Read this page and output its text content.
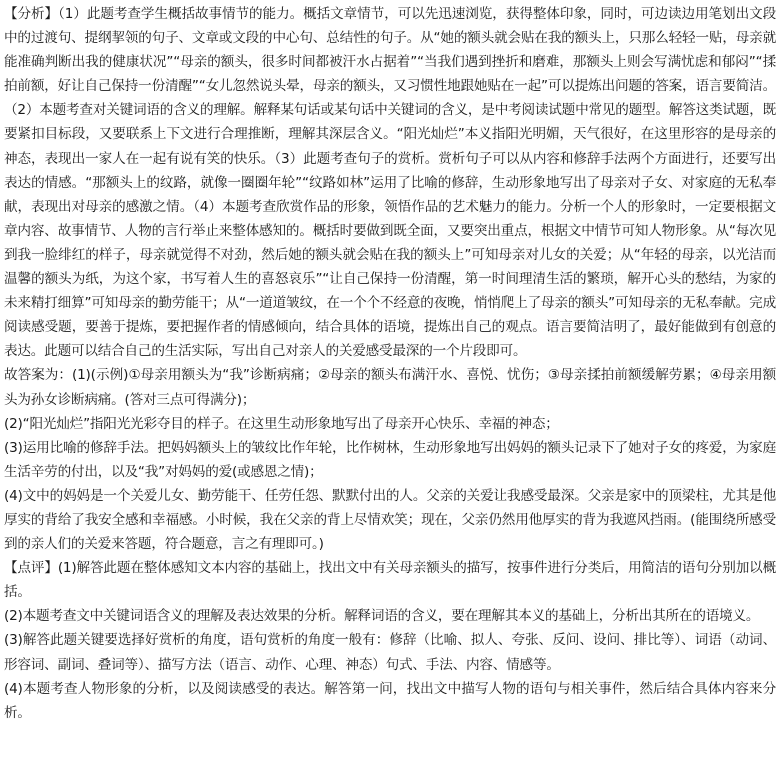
【分析】（1）此题考查学生概括故事情节的能力。概括文章情节，可以先迅速浏览，获得整体印象，同时，可边读边用笔划出文段中的过渡句、提纲挈领的句子、文章或文段的中心句、总结性的句子。从“她的额头就会贴在我的额头上，只那么轻轻一贴，母亲就能准确判断出我的健康状况”“母亲的额头，很多时间都被汗水占据着”“当我们遇到挫折和磨难，那额头上则会写满忧虑和郁闷”“揉拍前额，好让自己保持一份清醒”“女儿忽然说头晕，母亲的额头，又习惯性地跟她贴在一起”可以提炼出问题的答案，语言要简洁。（2）本题考查对关键词语的含义的理解。解释某句话或某句话中关键词的含义，是中考阅读试题中常见的题型。解答这类试题，既要紧扣目标段，又要联系上下文进行合理推断，理解其深层含义。“阳光灿烂”本义指阳光明媚，天气很好，在这里形容的是母亲的神态，表现出一家人在一起有说有笑的快乐。（3）此题考查句子的赏析。赏析句子可以从内容和修辞手法两个方面进行，还要写出表达的情感。“那额头上的纹路，就像一圈圈年轮”“纹路如林”运用了比喻的修辞，生动形象地写出了母亲对子女、对家庭的无私奉献，表现出对母亲的感激之情。（4）本题考查欣赏作品的形象，领悟作品的艺术魅力的能力。分析一个人的形象时，一定要根据文章内容、故事情节、人物的言行举止来整体感知的。概括时要做到既全面，又要突出重点，根据文中情节可知人物形象。从“每次见到我一脸绯红的样子，母亲就觉得不对劲，然后她的额头就会贴在我的额头上”可知母亲对儿女的关爱；从“年轻的母亲，以光洁而温馨的额头为纸，为这个家，书写着人生的喜怒哀乐”“让自己保持一份清醒，第一时间理清生活的繁琐，解开心头的愁结，为家的未来精打细算”可知母亲的勤劳能干；从“一道道皱纹，在一个个不经意的夜晚，悄悄爬上了母亲的额头”可知母亲的无私奉献。完成阅读感受题，要善于提炼，要把握作者的情感倾向，结合具体的语境，提炼出自己的观点。语言要简洁明了，最好能做到有创意的表达。此题可以结合自己的生活实际，写出自己对亲人的关爱感受最深的一个片段即可。

故答案为：(1)(示例)①母亲用额头为“我”诊断病痛；②母亲的额头布满汗水、喜悦、忧伤；③母亲揉拍前额缓解劳累；④母亲用额头为孙女诊断病痛。(答对三点可得满分)；

(2)“阳光灿烂”指阳光光彩夺目的样子。在这里生动形象地写出了母亲开心快乐、幸福的神态；

(3)运用比喻的修辞手法。把妈妈额头上的皱纹比作年轮，比作树林，生动形象地写出妈妈的额头记录下了她对子女的疼爱，为家庭生活辛劳的付出，以及“我”对妈妈的爱(或感恩之情)；

(4)文中的妈妈是一个关爱儿女、勤劳能干、任劳任怨、默默付出的人。父亲的关爱让我感受最深。父亲是家中的顶梁柱，尤其是他厚实的背给了我安全感和幸福感。小时候，我在父亲的背上尽情欢笑；现在，父亲仍然用他厚实的背为我遮风挡雨。(能围绕所感受到的亲人们的关爱来答题，符合题意，言之有理即可。)

【点评】(1)解答此题在整体感知文本内容的基础上，找出文中有关母亲额头的描写，按事件进行分类后，用简洁的语句分别加以概括。

(2)本题考查文中关键词语含义的理解及表达效果的分析。解释词语的含义，要在理解其本义的基础上，分析出其所在的语境义。

(3)解答此题关键要选择好赏析的角度，语句赏析的角度一般有：修辞（比喻、拟人、夸张、反问、设问、排比等）、词语（动词、形容词、副词、叠词等）、描写方法（语言、动作、心理、神态）句式、手法、内容、情感等。

(4)本题考查人物形象的分析，以及阅读感受的表达。解答第一问，找出文中描写人物的语句与相关事件，然后结合具体内容来分析。
